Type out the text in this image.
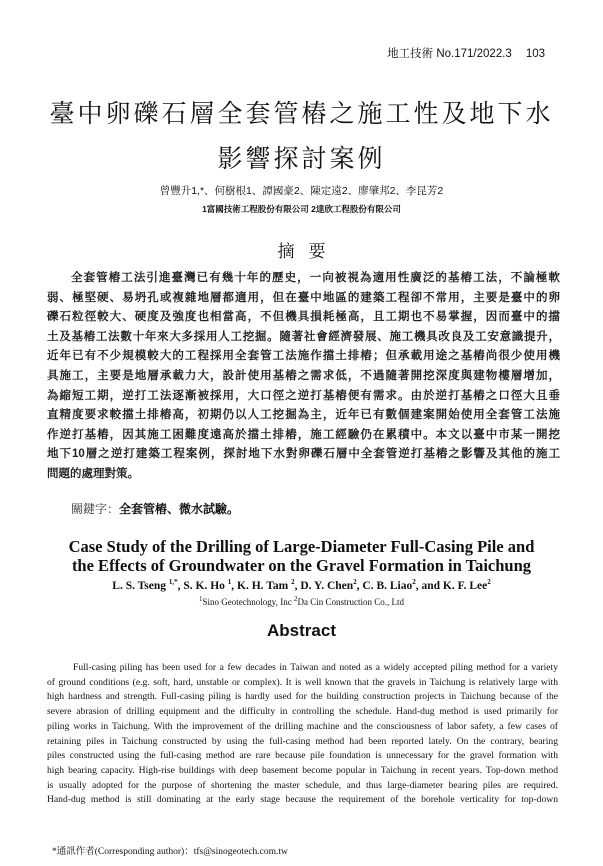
地工技術 No.171/2022.3 103
臺中卵礫石層全套管樁之施工性及地下水
影響探討案例
曾豐升1,*、何樹根1、譚國豪2、陳定遠2、廖肇邦2、李昆芳2
1富國技術工程股份有限公司 2達欣工程股份有限公司
摘要
全套管樁工法引進臺灣已有幾十年的歷史，一向被視為適用性廣泛的基樁工法，不論極軟
弱、極堅硬、易坍孔或複雜地層都適用，但在臺中地區的建築工程卻不常用，主要是臺中的卵
礫石粒徑較大、硬度及強度也相當高，不但機具損耗極高，且工期也不易掌握，因而臺中的擋
土及基樁工法數十年來大多採用人工挖掘。隨著社會經濟發展、施工機具改良及工安意識提升，
近年已有不少規模較大的工程採用全套管工法施作擋土排樁；但承載用途之基樁尚很少使用機
具施工，主要是地層承載力大，設計使用基樁之需求低，不過隨著開挖深度與建物樓層增加，
為縮短工期，逆打工法逐漸被採用，大口徑之逆打基樁便有需求。由於逆打基樁之口徑大且垂
直精度要求較擋土排樁高，初期仍以人工挖掘為主，近年已有數個建案開始使用全套管工法施
作逆打基樁，因其施工困難度遠高於擋土排樁，施工經驗仍在累積中。本文以臺中市某一開挖
地下10層之逆打建築工程案例，探討地下水對卵礫石層中全套管逆打基樁之影響及其他的施工
問題的處理對策。
關鍵字：全套管樁、微水試驗。
Case Study of the Drilling of Large-Diameter Full-Casing Pile and
the Effects of Groundwater on the Gravel Formation in Taichung
L. S. Tseng $^{1,*}$, S. K. Ho $^1$, K. H. Tam $^2$, D. Y. Chen$^2$, C. B. Liao$^2$, and K. F. Lee$^2$
$^1$Sino Geotechnology, Inc $^2$Da Cin Construction Co., Ltd
Abstract
Full-casing piling has been used for a few decades in Taiwan and noted as a widely accepted piling method for a variety
of ground conditions (e.g. soft, hard, unstable or complex). It is well known that the gravels in Taichung is relatively large with
high hardness and strength. Full-casing piling is hardly used for the building construction projects in Taichung because of the
severe abrasion of drilling equipment and the difficulty in controlling the schedule. Hand-dug method is used primarily for
piling works in Taichung. With the improvement of the drilling machine and the consciousness of labor safety, a few cases of
retaining piles in Taichung constructed by using the full-casing method had been reported lately. On the contrary, bearing
piles constructed using the full-casing method are rare because pile foundation is unnecessary for the gravel formation with
high bearing capacity. High-rise buildings with deep basement become popular in Taichung in recent years. Top-down method
is usually adopted for the purpose of shortening the master schedule, and thus large-diameter bearing piles are required.
Hand-dug method is still dominating at the early stage because the requirement of the borehole verticality for top-down
*通訊作者(Corresponding author)：tfs@sinogeotech.com.tw
